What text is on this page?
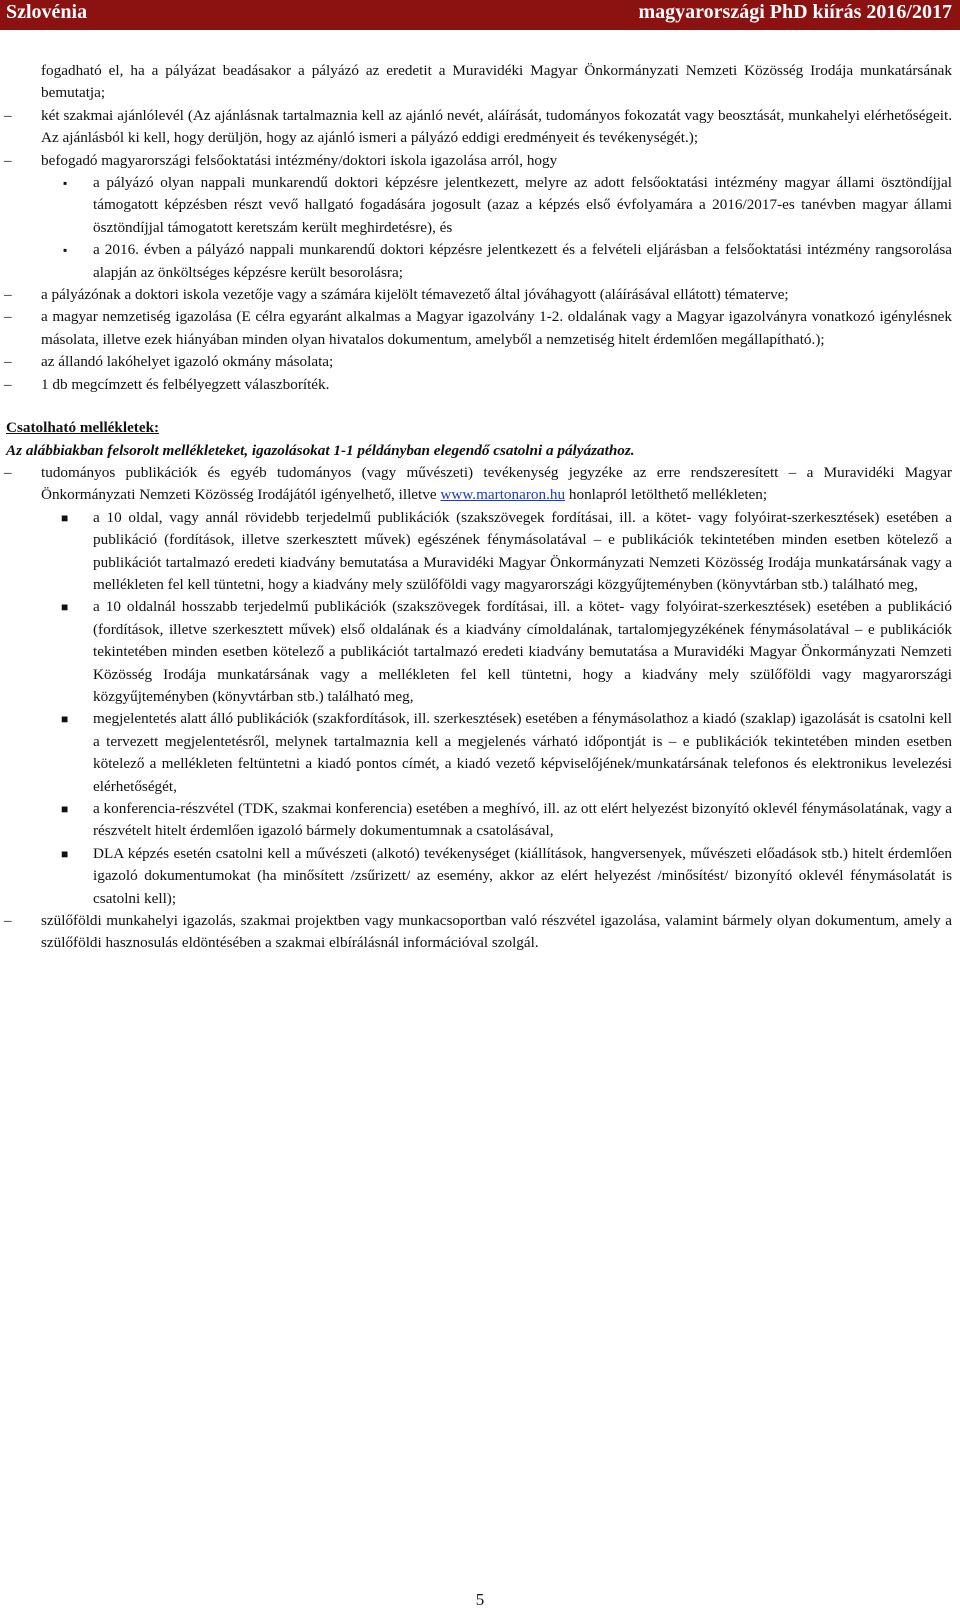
Szlovénia	magyarországi PhD kiírás 2016/2017
fogadható el, ha a pályázat beadásakor a pályázó az eredetit a Muravidéki Magyar Önkormányzati Nemzeti Közösség Irodája munkatársának bemutatja;
– két szakmai ajánlólevél (Az ajánlásnak tartalmaznia kell az ajánló nevét, aláírását, tudományos fokozatát vagy beosztását, munkahelyi elérhetőségeit. Az ajánlásból ki kell, hogy derüljön, hogy az ajánló ismeri a pályázó eddigi eredményeit és tevékenységét.);
– befogadó magyarországi felsőoktatási intézmény/doktori iskola igazolása arról, hogy
▪ a pályázó olyan nappali munkarendű doktori képzésre jelentkezett, melyre az adott felsőoktatási intézmény magyar állami ösztöndíjjal támogatott képzésben részt vevő hallgató fogadására jogosult (azaz a képzés első évfolyamára a 2016/2017-es tanévben magyar állami ösztöndíjjal támogatott keretszám került meghirdetésre), és
▪ a 2016. évben a pályázó nappali munkarendű doktori képzésre jelentkezett és a felvételi eljárásban a felsőoktatási intézmény rangsorolása alapján az önköltséges képzésre került besorolásra;
– a pályázónak a doktori iskola vezetője vagy a számára kijelölt témavezető által jóváhagyott (aláírásával ellátott) tématerve;
– a magyar nemzetiség igazolása (E célra egyaránt alkalmas a Magyar igazolvány 1-2. oldalának vagy a Magyar igazolványra vonatkozó igénylésnek másolata, illetve ezek hiányában minden olyan hivatalos dokumentum, amelyből a nemzetiség hitelt érdemlően megállapítható.);
– az állandó lakóhelyet igazoló okmány másolata;
– 1 db megcímzett és felbélyegzett válaszboríték.
Csatolható mellékletek:
Az alábbiakban felsorolt mellékleteket, igazolásokat 1-1 példányban elegendő csatolni a pályázathoz.
– tudományos publikációk és egyéb tudományos (vagy művészeti) tevékenység jegyzéke az erre rendszeresített – a Muravidéki Magyar Önkormányzati Nemzeti Közösség Irodájától igényelhető, illetve www.martonaron.hu honlapról letölthető mellékleten;
■ a 10 oldal, vagy annál rövidebb terjedelmű publikációk (szakszövegek fordításai, ill. a kötet- vagy folyóirat-szerkesztések) esetében a publikáció (fordítások, illetve szerkesztett művek) egészének fénymásolatával – e publikációk tekintetében minden esetben kötelező a publikációt tartalmazó eredeti kiadvány bemutatása a Muravidéki Magyar Önkormányzati Nemzeti Közösség Irodája munkatársának vagy a mellékleten fel kell tüntetni, hogy a kiadvány mely szülőföldi vagy magyarországi közgyűjteményben (könyvtárban stb.) található meg,
■ a 10 oldalnál hosszabb terjedelmű publikációk (szakszövegek fordításai, ill. a kötet- vagy folyóirat-szerkesztések) esetében a publikáció (fordítások, illetve szerkesztett művek) első oldalának és a kiadvány címoldalának, tartalomjegyzékének fénymásolatával – e publikációk tekintetében minden esetben kötelező a publikációt tartalmazó eredeti kiadvány bemutatása a Muravidéki Magyar Önkormányzati Nemzeti Közösség Irodája munkatársának vagy a mellékleten fel kell tüntetni, hogy a kiadvány mely szülőföldi vagy magyarországi közgyűjteményben (könyvtárban stb.) található meg,
■ megjelentetés alatt álló publikációk (szakfordítások, ill. szerkesztések) esetében a fénymásolathoz a kiadó (szaklap) igazolását is csatolni kell a tervezett megjelentetésről, melynek tartalmaznia kell a megjelenés várható időpontját is – e publikációk tekintetében minden esetben kötelező a mellékleten feltüntetni a kiadó pontos címét, a kiadó vezető képviselőjének/munkatársának telefonos és elektronikus levelezési elérhetőségét,
■ a konferencia-részvétel (TDK, szakmai konferencia) esetében a meghívó, ill. az ott elért helyezést bizonyító oklevél fénymásolatának, vagy a részvételt hitelt érdemlően igazoló bármely dokumentumnak a csatolásával,
■ DLA képzés esetén csatolni kell a művészeti (alkotó) tevékenységet (kiállítások, hangversenyek, művészeti előadások stb.) hitelt érdemlően igazoló dokumentumokat (ha minősített /zsűrizett/ az esemény, akkor az elért helyezést /minősítést/ bizonyító oklevél fénymásolatát is csatolni kell);
– szülőföldi munkahelyi igazolás, szakmai projektben vagy munkacsoportban való részvétel igazolása, valamint bármely olyan dokumentum, amely a szülőföldi hasznosulás eldöntésében a szakmai elbírálásnál információval szolgál.
5
